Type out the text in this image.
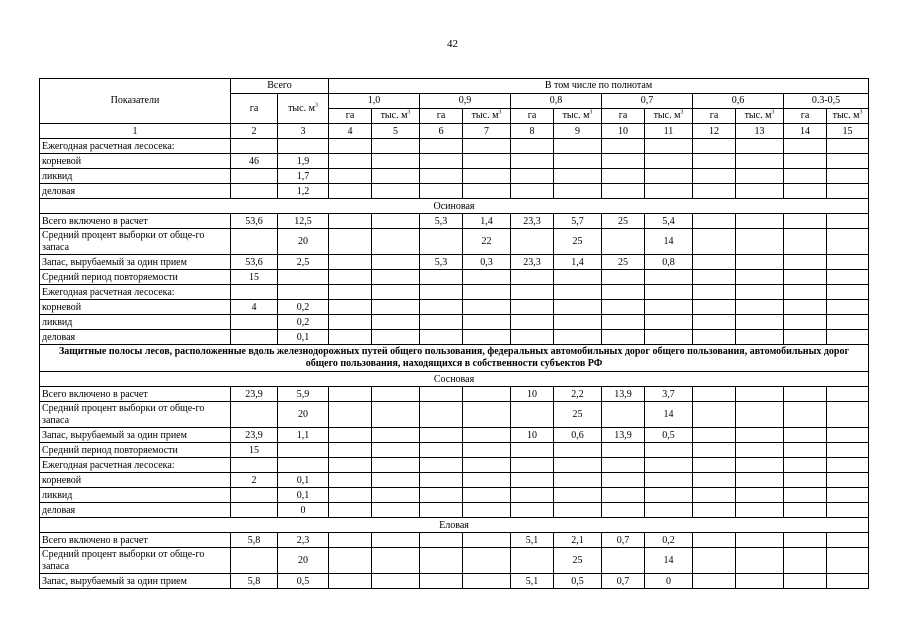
42
Показатели	Всего		В том числе по полнотам											
	га	тыс. $м^3$	1,0		0,9		0,8		0,7		0,6		0.3-0,5	
			га	тыс. $м^3$	га	тыс. $м^3$	га	тыс. $м^3$	га	тыс. $м^3$	га	тыс. $м^3$	га	тыс. $м^3$
1	2	3	4	5	6	7	8	9	10	11	12	13	14	15
Ежегодная расчетная лесосека:														
корневой	46	1,9												
ликвид		1,7												
деловая		1,2												
Осиновая														
Всего включено в расчет	53,6	12,5			5,3	1,4	23,3	5,7	25	5,4				
Средний процент выборки от обще-го запаса		20				22		25		14				
Запас, вырубаемый за один прием	53,6	2,5			5,3	0,3	23,3	1,4	25	0,8				
Средний период повторяемости	15													
Ежегодная расчетная лесосека:														
корневой	4	0,2												
ликвид		0,2												
деловая		0,1												
Защитные полосы лесов, расположенные вдоль железнодорожных путей общего пользования, федеральных автомобильных дорог общего пользования, автомобильных дорог общего пользования, находящихся в собственности субъектов РФ														
Сосновая														
Всего включено в расчет	23,9	5,9					10	2,2	13,9	3,7				
Средний процент выборки от обще-го запаса		20						25		14				
Запас, вырубаемый за один прием	23,9	1,1					10	0,6	13,9	0,5				
Средний период повторяемости	15													
Ежегодная расчетная лесосека:														
корневой	2	0,1												
ликвид		0,1												
деловая		0												
Еловая														
Всего включено в расчет	5,8	2,3					5,1	2,1	0,7	0,2				
Средний процент выборки от обще-го запаса		20						25		14				
Запас, вырубаемый за один прием	5,8	0,5					5,1	0,5	0,7	0				
